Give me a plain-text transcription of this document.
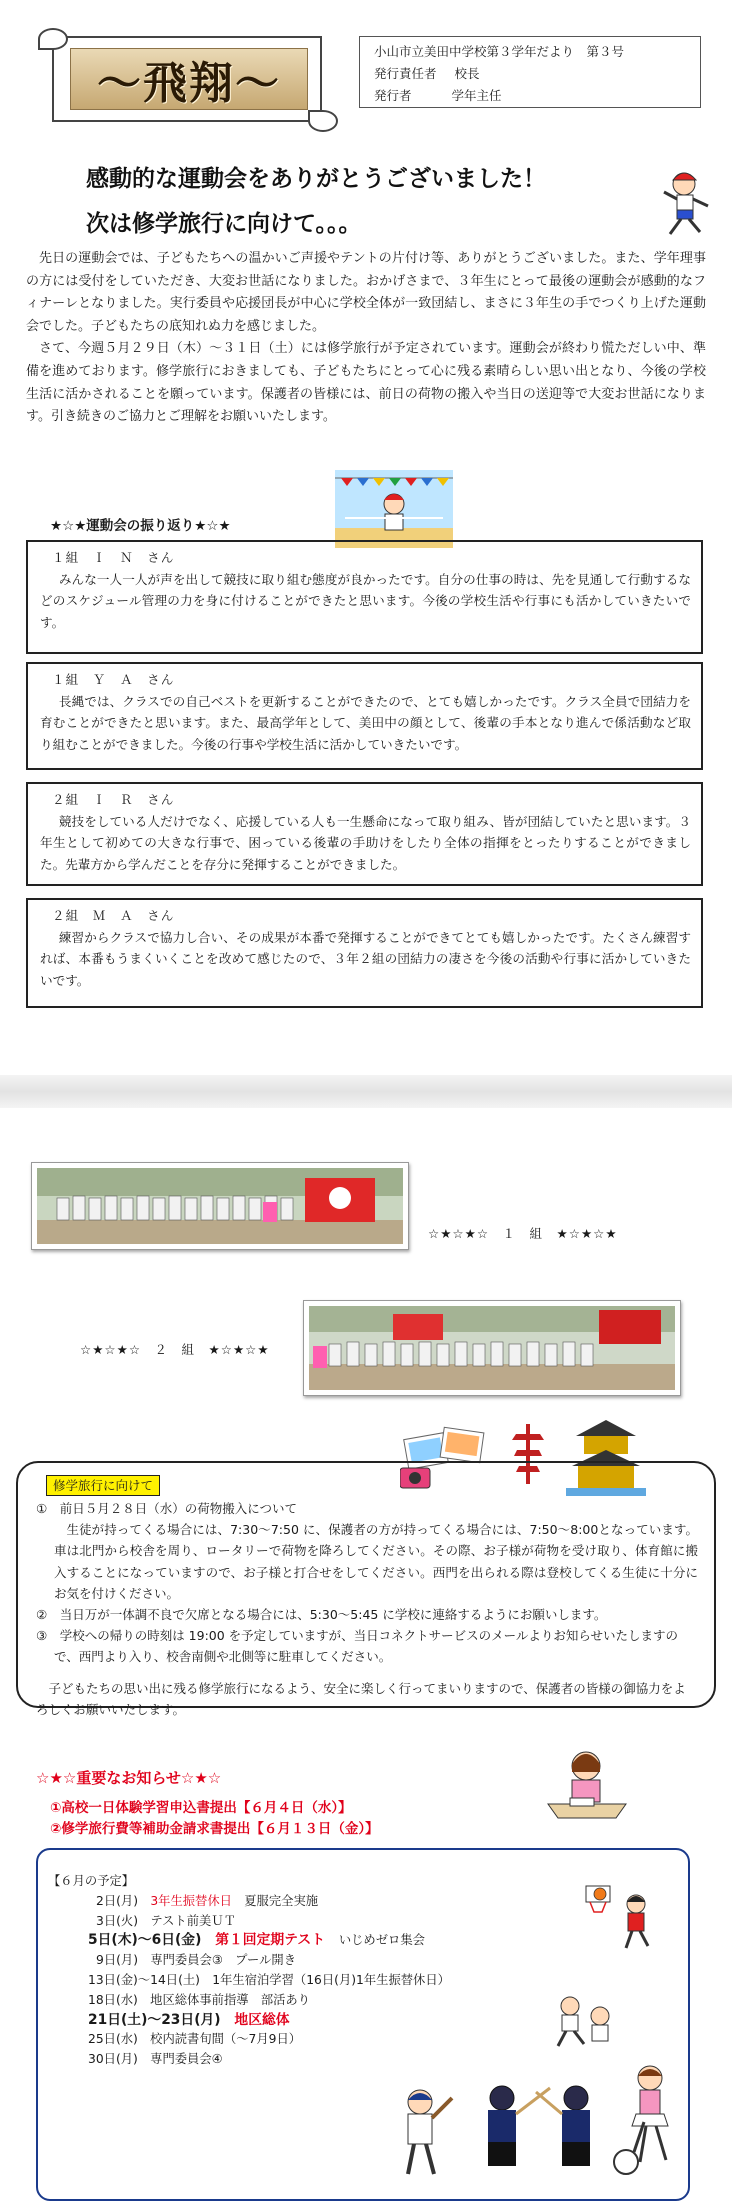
～飛翔～
小山市立美田中学校第３学年だより　第３号
発行責任者 校長
発行者	学年主任
感動的な運動会をありがとうございました！
次は修学旅行に向けて。。。

先日の運動会では、子どもたちへの温かいご声援やテントの片付け等、ありがとうございました。また、学年理事の方には受付をしていただき、大変お世話になりました。おかげさまで、３年生にとって最後の運動会が感動的なフィナーレとなりました。実行委員や応援団長が中心に学校全体が一致団結し、まさに３年生の手でつくり上げた運動会でした。子どもたちの底知れぬ力を感じました。

さて、今週５月２９日（木）～３１日（土）には修学旅行が予定されています。運動会が終わり慌ただしい中、準備を進めております。修学旅行におきましても、子どもたちにとって心に残る素晴らしい思い出となり、今後の学校生活に活かされることを願っています。保護者の皆様には、前日の荷物の搬入や当日の送迎等で大変お世話になります。引き続きのご協力とご理解をお願いいたします。

★☆★運動会の振り返り★☆★
１組　Ｉ　Ｎ　さん
みんな一人一人が声を出して競技に取り組む態度が良かったです。自分の仕事の時は、先を見通して行動するなどのスケジュール管理の力を身に付けることができたと思います。今後の学校生活や行事にも活かしていきたいです。
１組　Ｙ　Ａ　さん
長縄では、クラスでの自己ベストを更新することができたので、とても嬉しかったです。クラス全員で団結力を育むことができたと思います。また、最高学年として、美田中の顔として、後輩の手本となり進んで係活動など取り組むことができました。今後の行事や学校生活に活かしていきたいです。
２組　Ｉ　Ｒ　さん
競技をしている人だけでなく、応援している人も一生懸命になって取り組み、皆が団結していたと思います。３年生として初めての大きな行事で、困っている後輩の手助けをしたり全体の指揮をとったりすることができました。先輩方から学んだことを存分に発揮することができました。
２組　Ｍ　Ａ　さん
練習からクラスで協力し合い、その成果が本番で発揮することができてとても嬉しかったです。たくさん練習すれば、本番もうまくいくことを改めて感じたので、３年２組の団結力の凄さを今後の活動や行事に活かしていきたいです。
☆★☆★☆　１　組　★☆★☆★
☆★☆★☆　２　組　★☆★☆★
修学旅行に向けて
①　前日５月２８日（水）の荷物搬入について
生徒が持ってくる場合には、7:30～7:50 に、保護者の方が持ってくる場合には、7:50～8:00となっています。車は北門から校舎を周り、ロータリーで荷物を降ろしてください。その際、お子様が荷物を受け取り、体育館に搬入することになっていますので、お子様と打合せをしてください。西門を出られる際は登校してくる生徒に十分にお気を付けください。
②　当日万が一体調不良で欠席となる場合には、5:30～5:45 に学校に連絡するようにお願いします。
③　学校への帰りの時刻は 19:00 を予定していますが、当日コネクトサービスのメールよりお知らせいたしますので、西門より入り、校舎南側や北側等に駐車してください。
子どもたちの思い出に残る修学旅行になるよう、安全に楽しく行ってまいりますので、保護者の皆様の御協力をよろしくお願いいたします。
☆★☆重要なお知らせ☆★☆
①高校一日体験学習申込書提出【６月４日（水）】
②修学旅行費等補助金請求書提出【６月１３日（金）】
【６月の予定】
2日(月)　 3年生振替休日　 夏服完全実施
3日(火)　 テスト前美ＵＴ
5日(木)～6日(金)　 第１回定期テスト　 いじめゼロ集会
9日(月)　 専門委員会③　プール開き
13日(金)～14日(土)　 1年生宿泊学習（16日(月)1年生振替休日）
18日(水)　 地区総体事前指導　部活あり
21日(土)～23日(月)　 地区総体
25日(水)　 校内読書旬間（～7月9日）
30日(月)　 専門委員会④
